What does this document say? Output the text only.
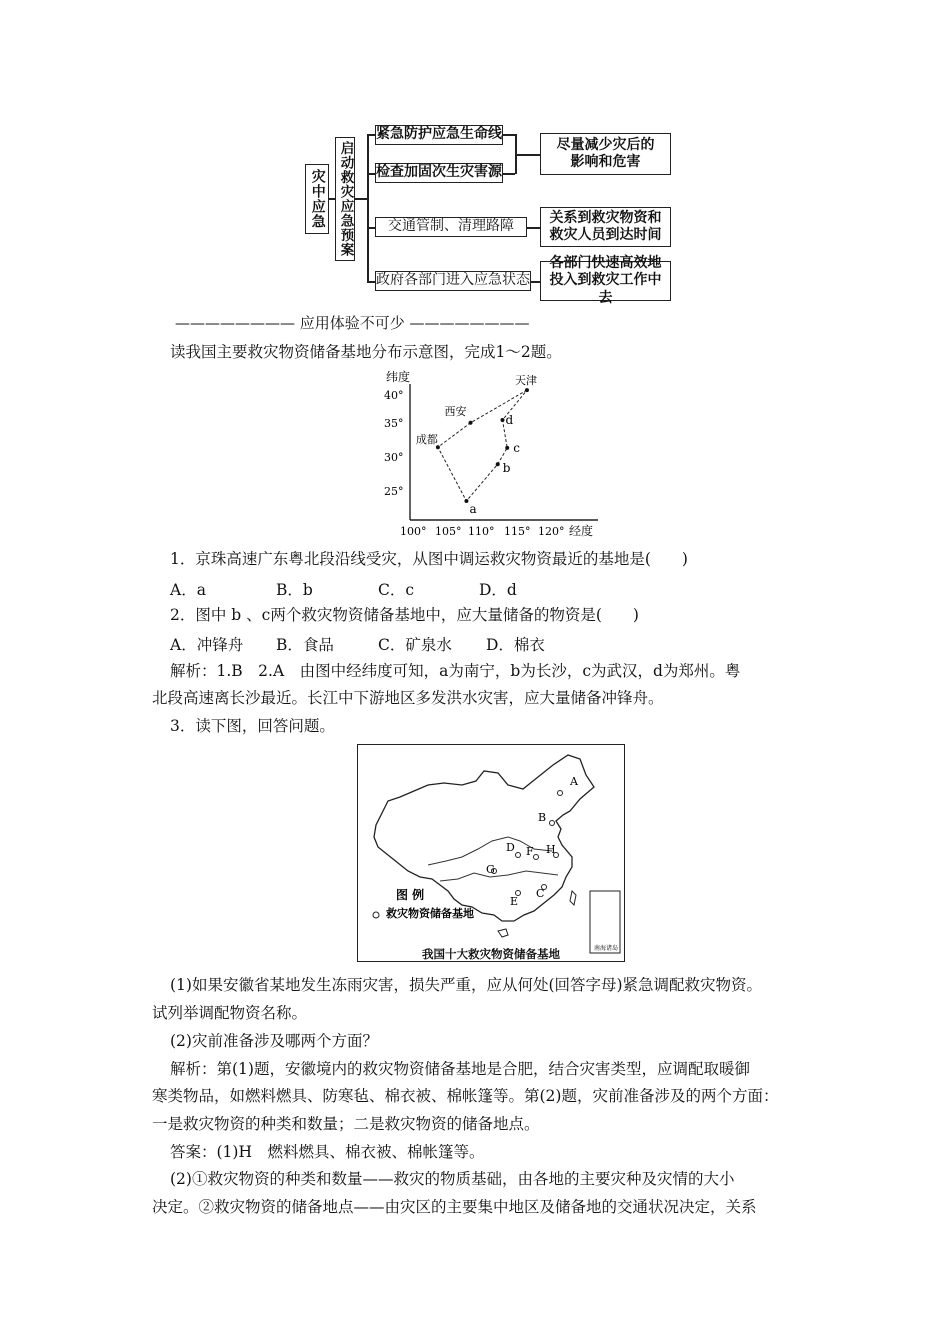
灾中应急 启动救灾应急预案
紧急防护应急生命线
检查加固次生灾害源
交通管制、清理路障
政府各部门进入应急状态
尽量减少灾后的影响和危害
关系到救灾物资和救灾人员到达时间
各部门快速高效地投入到救灾工作中去
———————— 应用体验不可少 ————————
读我国主要救灾物资储备基地分布示意图，完成1～2题。
纬度
经度
40°
35°
30°
25°
100° 105° 110° 115° 120°
天津
西安
成都
a
b
c
d
1．京珠高速广东粤北段沿线受灾，从图中调运救灾物资最近的基地是(　　)
A．a	B．b	C．c	D．d
2．图中 b 、c两个救灾物资储备基地中，应大量储备的物资是(　　)
A．冲锋舟 B．食品	C．矿泉水 D．棉衣
解析：1.B　2.A　由图中经纬度可知，a为南宁，b为长沙，c为武汉，d为郑州。粤
北段高速离长沙最近。长江中下游地区多发洪水灾害，应大量储备冲锋舟。
3．读下图，回答问题。
南海诸岛
图 例
救灾物资储备基地
A
B
D F H
G
E
C
我国十大救灾物资储备基地
(1)如果安徽省某地发生冻雨灾害，损失严重，应从何处(回答字母)紧急调配救灾物资。
试列举调配物资名称。
(2)灾前准备涉及哪两个方面？
解析：第(1)题，安徽境内的救灾物资储备基地是合肥，结合灾害类型，应调配取暖御
寒类物品，如燃料燃具、防寒毡、棉衣被、棉帐篷等。第(2)题，灾前准备涉及的两个方面：
一是救灾物资的种类和数量；二是救灾物资的储备地点。
答案：(1)H　燃料燃具、棉衣被、棉帐篷等。
(2)①救灾物资的种类和数量——救灾的物质基础，由各地的主要灾种及灾情的大小
决定。②救灾物资的储备地点——由灾区的主要集中地区及储备地的交通状况决定，关系
